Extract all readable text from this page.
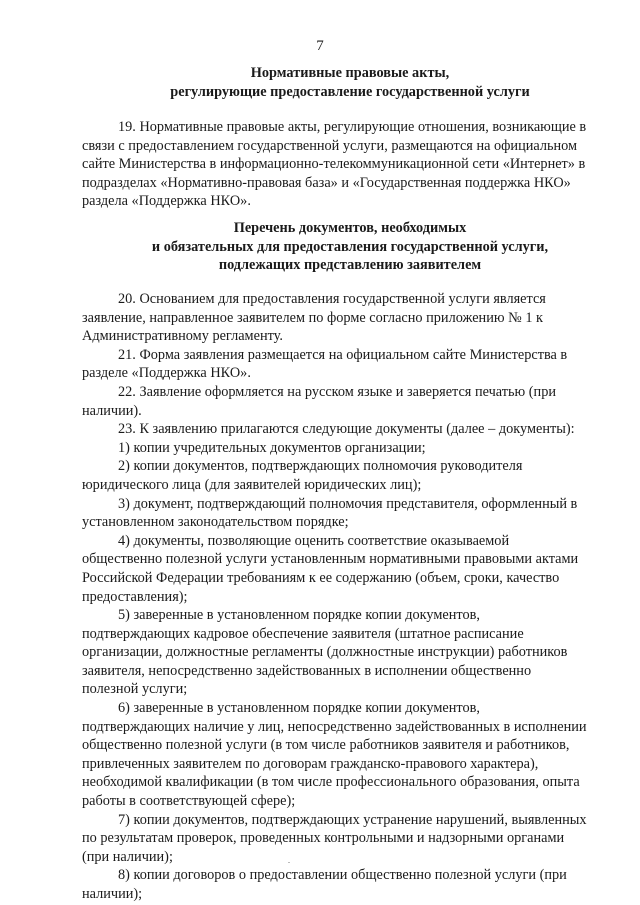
7
Нормативные правовые акты,
регулирующие предоставление государственной услуги

19. Нормативные правовые акты, регулирующие отношения, возникающие в
связи с предоставлением государственной услуги, размещаются на официальном
сайте Министерства в информационно-телекоммуникационной сети «Интернет» в
подразделах «Нормативно-правовая база» и «Государственная поддержка НКО»
раздела «Поддержка НКО».

Перечень документов, необходимых
и обязательных для предоставления государственной услуги,
подлежащих представлению заявителем

20. Основанием для предоставления государственной услуги является
заявление, направленное заявителем по форме согласно приложению № 1 к
Административному регламенту.

21. Форма заявления размещается на официальном сайте Министерства в
разделе «Поддержка НКО».

22. Заявление оформляется на русском языке и заверяется печатью (при
наличии).

23. К заявлению прилагаются следующие документы (далее – документы):

1) копии учредительных документов организации;

2) копии документов, подтверждающих полномочия руководителя
юридического лица (для заявителей юридических лиц);

3) документ, подтверждающий полномочия представителя, оформленный в
установленном законодательством порядке;

4) документы, позволяющие оценить соответствие оказываемой
общественно полезной услуги установленным нормативными правовыми актами
Российской Федерации требованиям к ее содержанию (объем, сроки, качество
предоставления);

5) заверенные в установленном порядке копии документов,
подтверждающих кадровое обеспечение заявителя (штатное расписание
организации, должностные регламенты (должностные инструкции) работников
заявителя, непосредственно задействованных в исполнении общественно
полезной услуги;

6) заверенные в установленном порядке копии документов,
подтверждающих наличие у лиц, непосредственно задействованных в исполнении
общественно полезной услуги (в том числе работников заявителя и работников,
привлеченных заявителем по договорам гражданско-правового характера),
необходимой квалификации (в том числе профессионального образования, опыта
работы в соответствующей сфере);

7) копии документов, подтверждающих устранение нарушений, выявленных
по результатам проверок, проведенных контрольными и надзорными органами
(при наличии);

8) копии договоров о предоставлении общественно полезной услуги (при
наличии);
